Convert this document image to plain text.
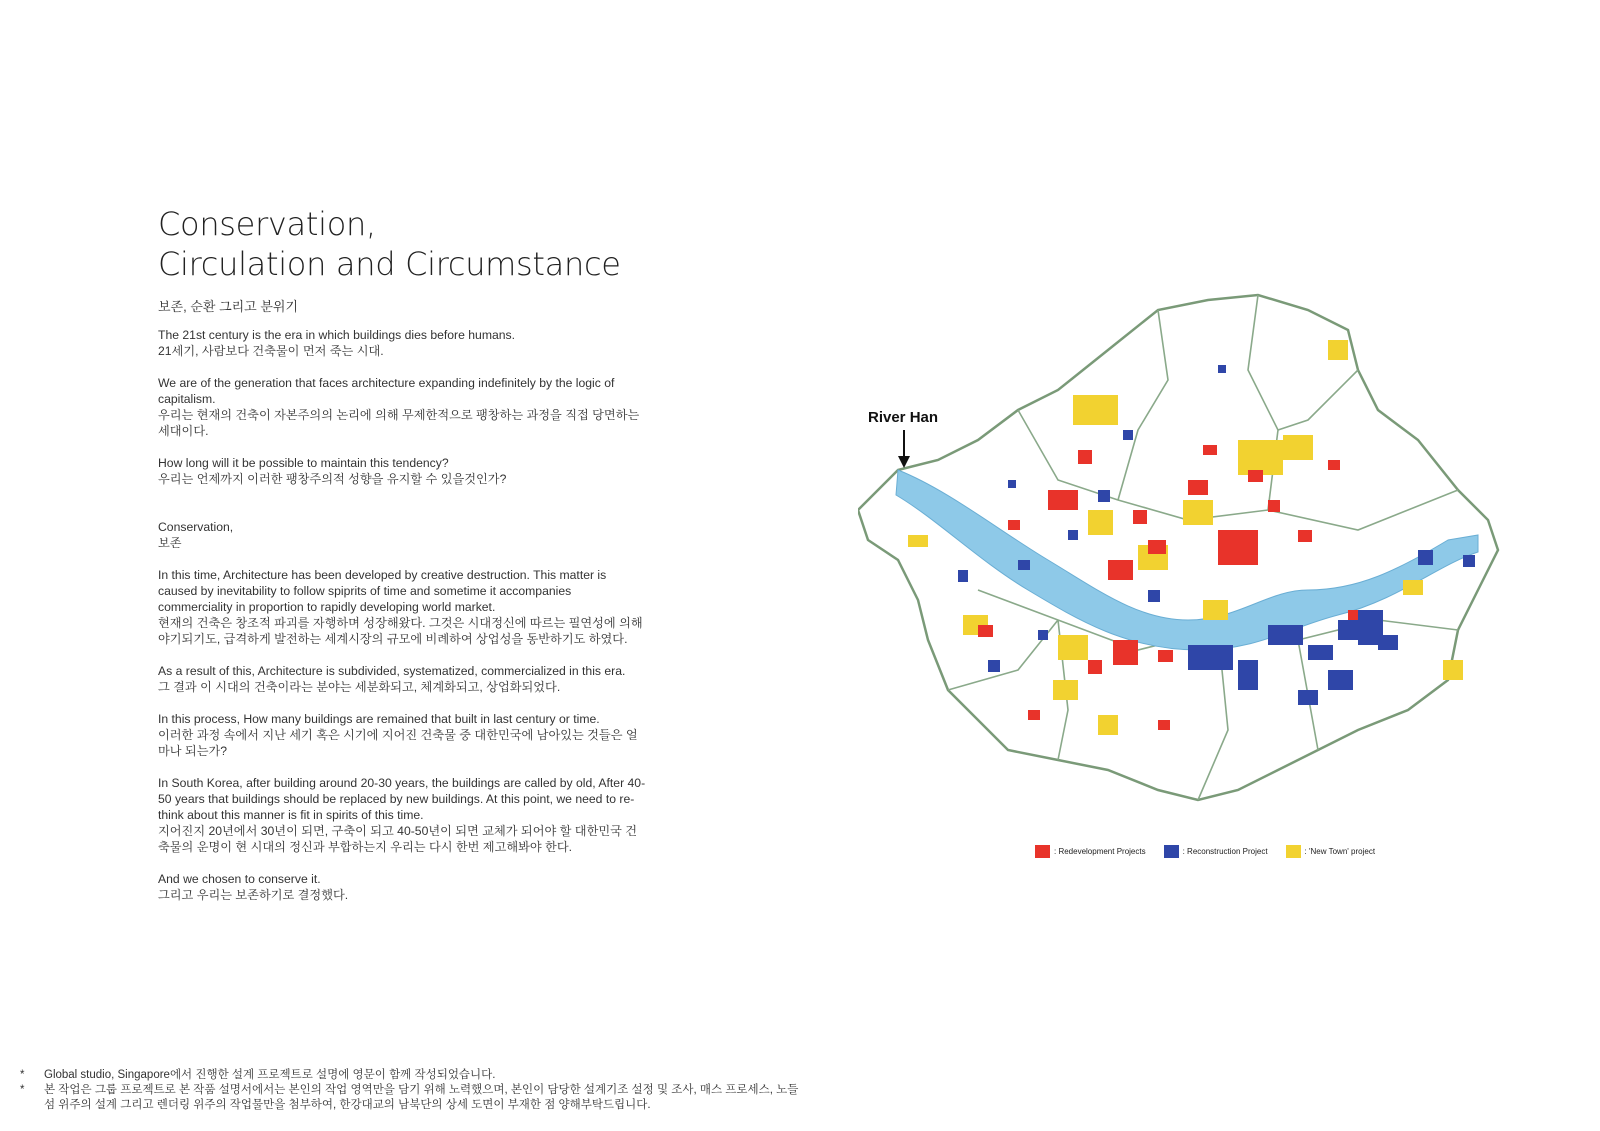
Conservation,
Circulation and Circumstance
보존, 순환 그리고 분위기
The 21st century is the era in which buildings dies before humans.
21세기, 사람보다 건축물이 먼저 죽는 시대.
We are of the generation that faces architecture expanding indefinitely by the logic of capitalism.
우리는 현재의 건축이 자본주의의 논리에 의해 무제한적으로 팽창하는 과정을 직접 당면하는 세대이다.
How long will it be possible to maintain this tendency?
우리는 언제까지 이러한 팽창주의적 성향을 유지할 수 있을것인가?
Conservation,
보존
In this time, Architecture has been developed by creative destruction. This matter is caused by inevitability to follow spiprits of time and sometime it accompanies commerciality in proportion to rapidly developing world market.
현재의 건축은 창조적 파괴를 자행하며 성장해왔다. 그것은 시대정신에 따르는 필연성에 의해 야기되기도, 급격하게 발전하는 세계시장의 규모에 비례하여 상업성을 동반하기도 하였다.
As a result of this, Architecture is subdivided, systematized, commercialized in this era.
그 결과 이 시대의 건축이라는 분야는 세분화되고, 체계화되고, 상업화되었다.
In this process, How many buildings are remained that built in last century or time.
이러한 과정 속에서 지난 세기 혹은 시기에 지어진 건축물 중 대한민국에 남아있는 것들은 얼마나 되는가?
In South Korea, after building around 20-30 years, the buildings are called by old, After 40-50 years that buildings should be replaced by new buildings. At this point, we need to re-think about this manner is fit in spirits of this time.
지어진지 20년에서 30년이 되면, 구축이 되고 40-50년이 되면 교체가 되어야 할 대한민국 건축물의 운명이 현 시대의 정신과 부합하는지 우리는 다시 한번 제고해봐야 한다.
And we chosen to conserve it.
그리고 우리는 보존하기로 결정했다.
River Han
: Redevelopment Projects	: Reconstruction Project	: 'New Town' project
*	Global studio, Singapore에서 진행한 설계 프로젝트로 설명에 영문이 함께 작성되었습니다.
*	본 작업은 그룹 프로젝트로 본 작품 설명서에서는 본인의 작업 영역만을 담기 위해 노력했으며, 본인이 담당한 설계기조 설정 및 조사, 매스 프로세스, 노들섬 위주의 설계 그리고 렌더링 위주의 작업물만을 첨부하여, 한강대교의 남북단의 상세 도면이 부재한 점 양해부탁드립니다.
